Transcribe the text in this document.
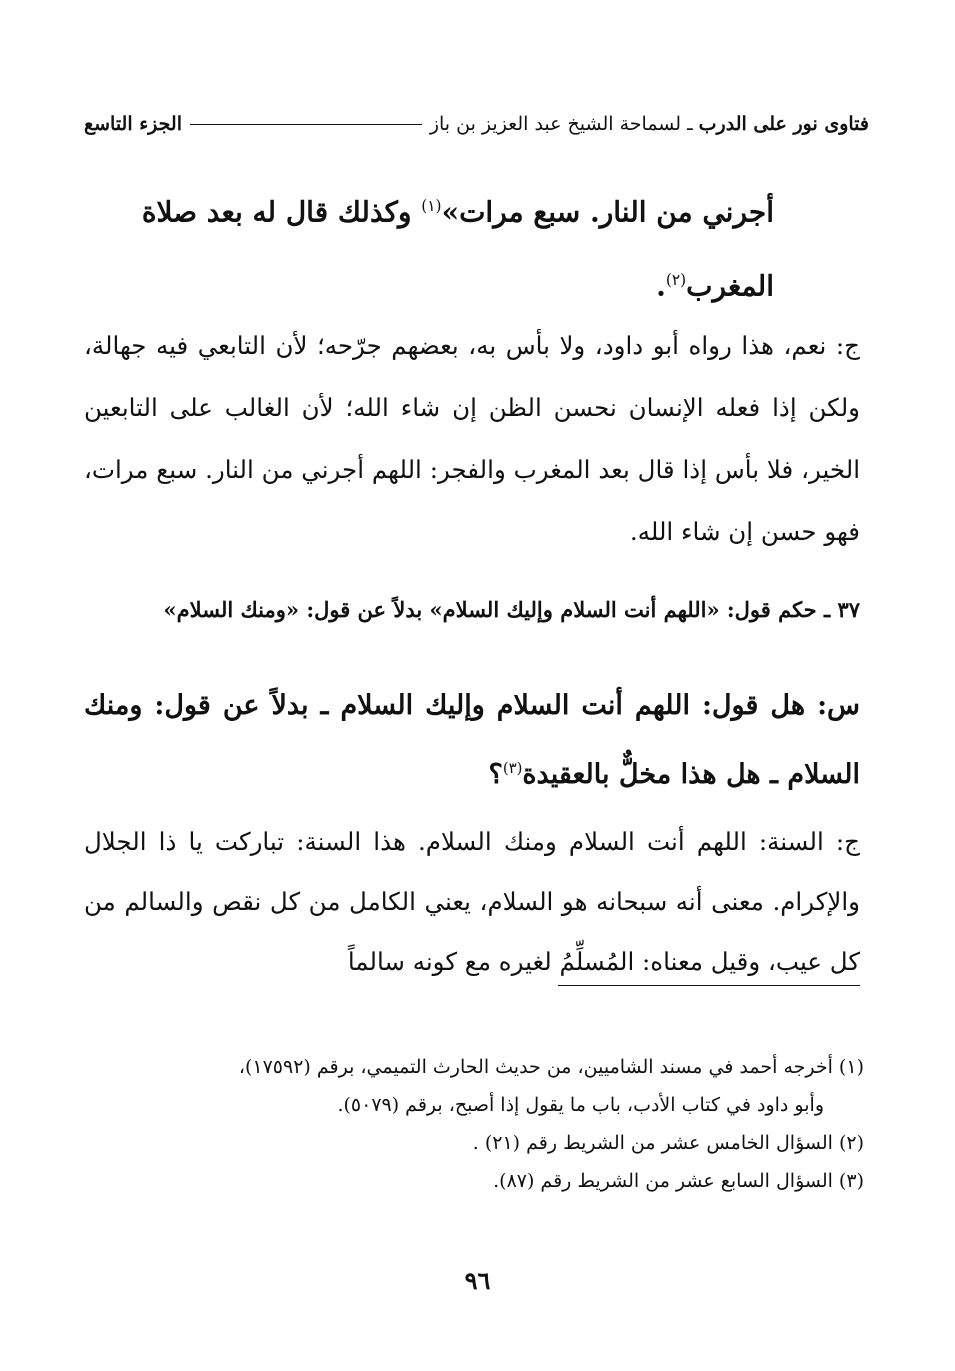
فتاوى نور على الدرب
ـ لسماحة الشيخ عبد العزيز بن باز
الجزء التاسع

أجرني من النار. سبع مرات»$^{(١)}$ وكذلك قال له بعد صلاة

المغرب$^{(٢)}$.

ج: نعم، هذا رواه أبو داود، ولا بأس به، بعضهم جرّحه؛ لأن التابعي فيه جهالة، ولكن إذا فعله الإنسان نحسن الظن إن شاء الله؛ لأن الغالب على التابعين الخير، فلا بأس إذا قال بعد المغرب والفجر: اللهم أجرني من النار. سبع مرات، فهو حسن إن شاء الله.

٣٧ ـ حكم قول: «اللهم أنت السلام وإليك السلام» بدلاً عن قول: «ومنك السلام»

س: هل قول: اللهم أنت السلام وإليك السلام ـ بدلاً عن قول: ومنك السلام ـ هل هذا مخلٌّ بالعقيدة$^{(٣)}$؟

ج: السنة: اللهم أنت السلام ومنك السلام. هذا السنة: تباركت يا ذا الجلال والإكرام. معنى أنه سبحانه هو السلام، يعني الكامل من كل نقص والسالم من كل عيب، وقيل معناه: المُسلِّمُ لغيره مع كونه سالماً

(١) أخرجه أحمد في مسند الشاميين، من حديث الحارث التميمي، برقم (١٧٥٩٢)،
وأبو داود في كتاب الأدب، باب ما يقول إذا أصبح، برقم (٥٠٧٩).
(٢) السؤال الخامس عشر من الشريط رقم (٢١) .
(٣) السؤال السابع عشر من الشريط رقم (٨٧).
٩٦
